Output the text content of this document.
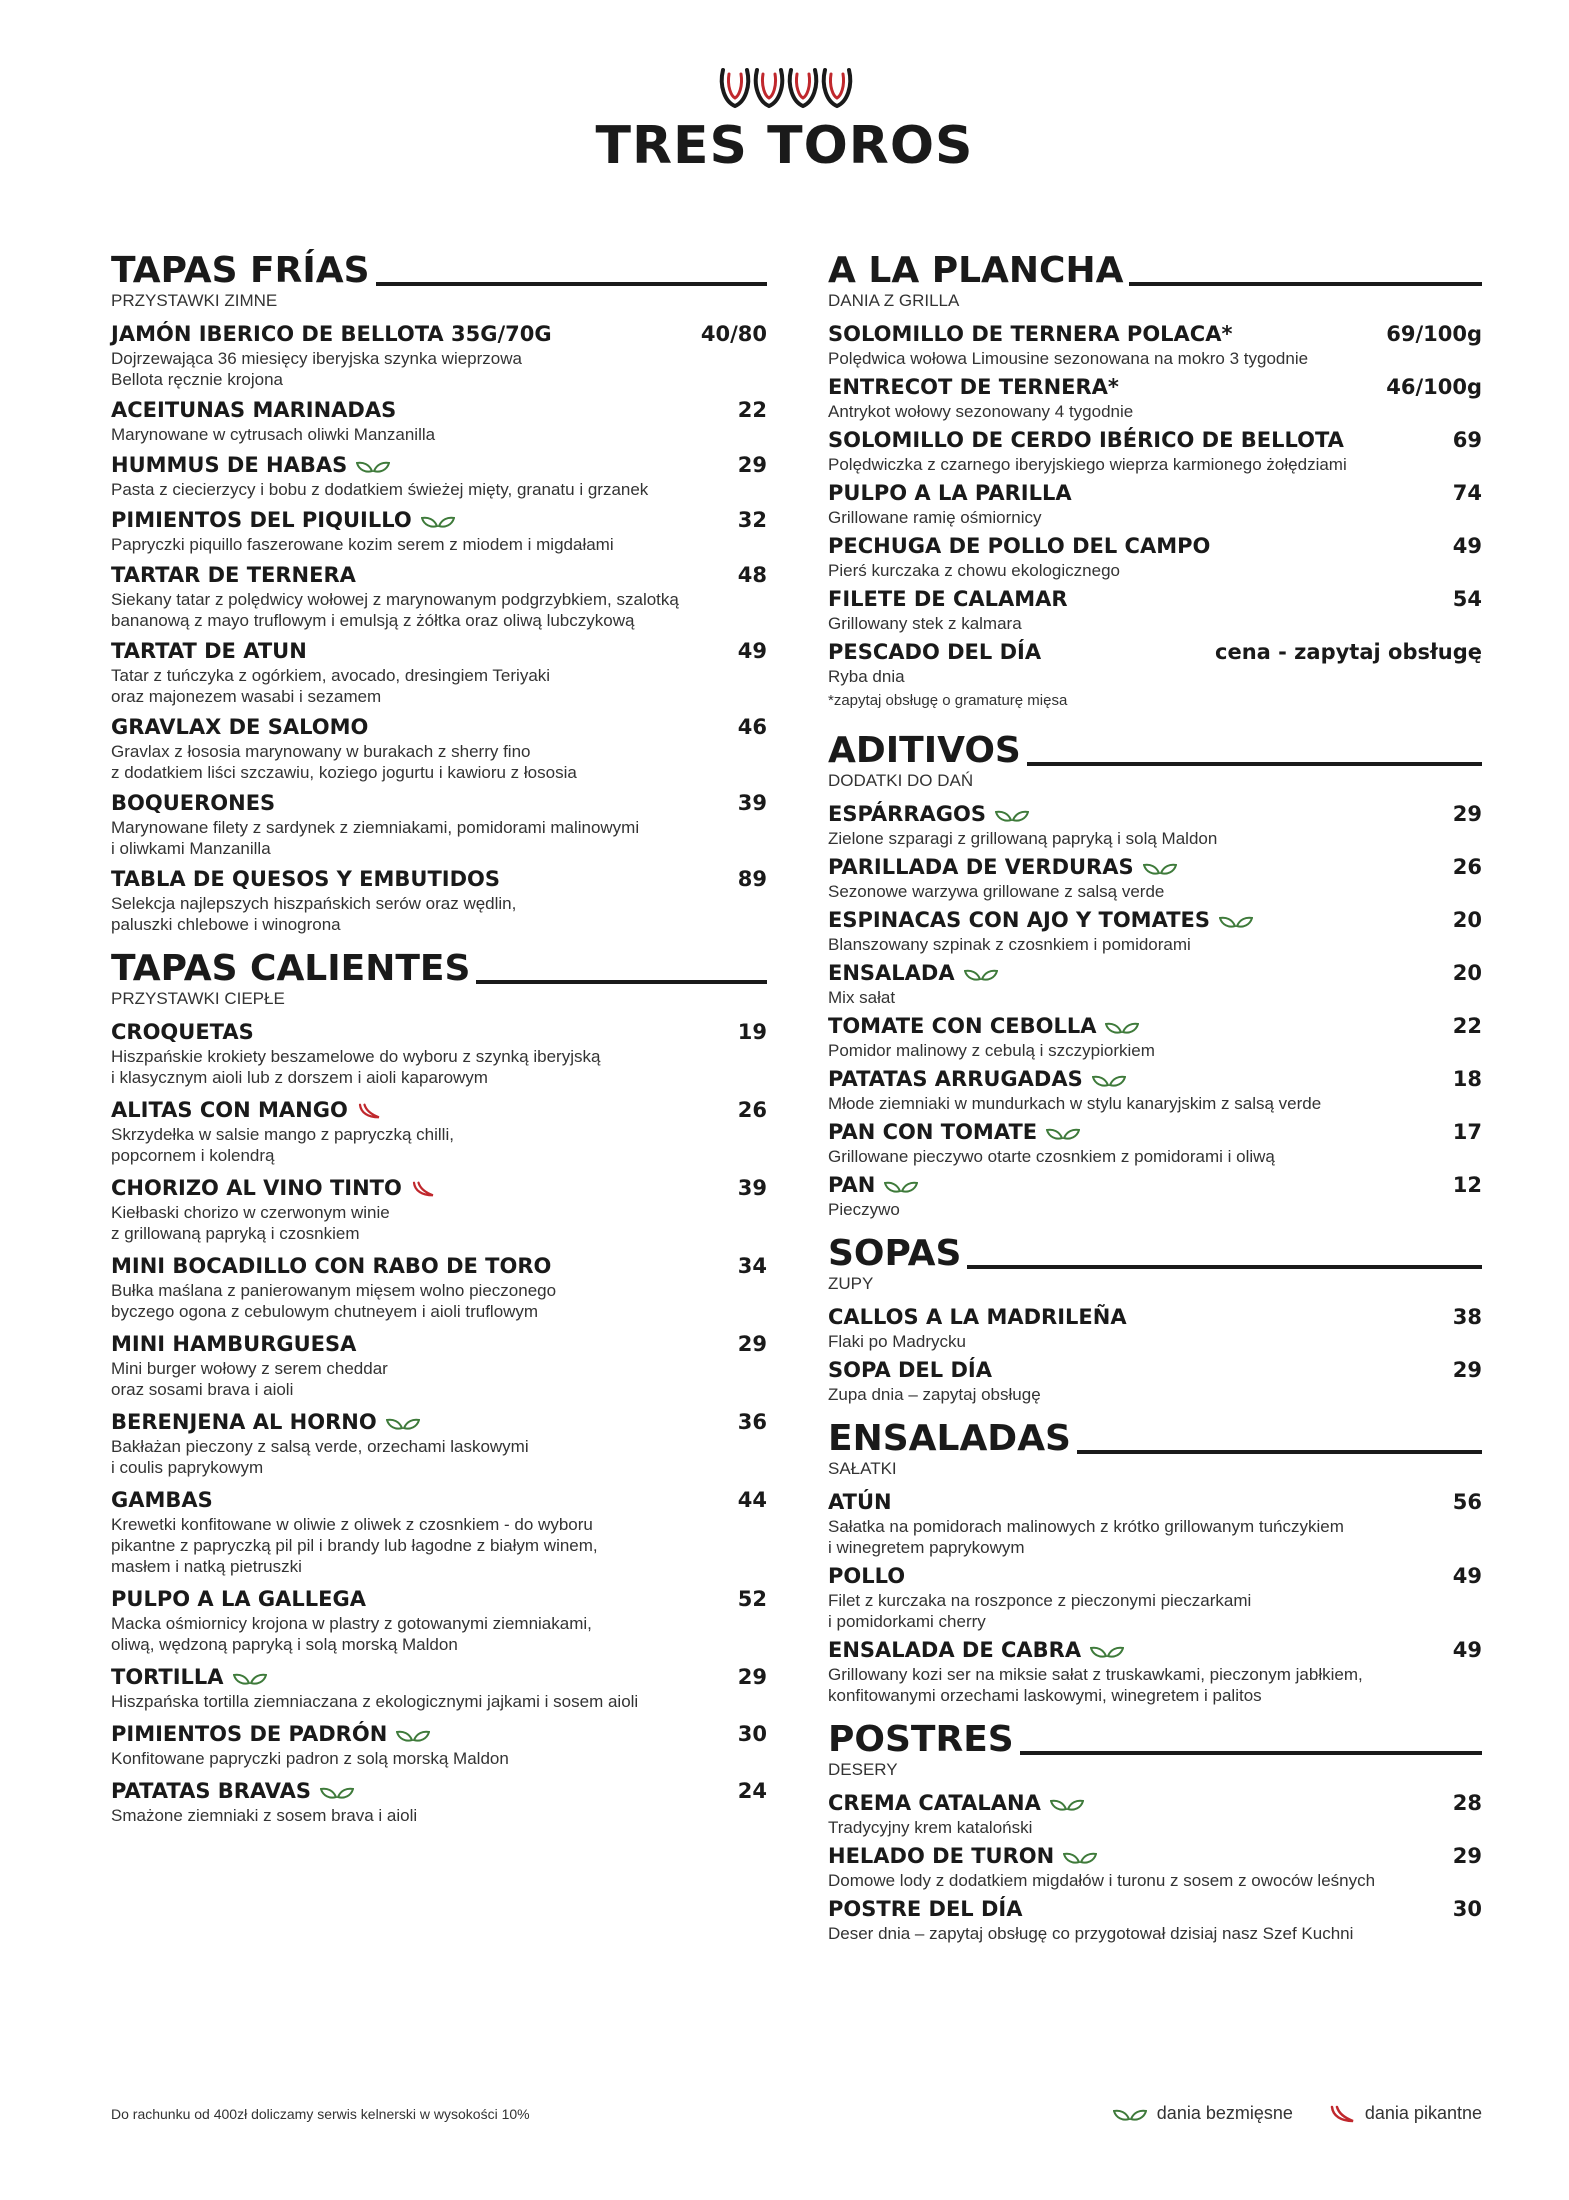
TRES TOROS
TAPAS FRÍAS
PRZYSTAWKI ZIMNE
JAMÓN IBERICO DE BELLOTA 35G/70G	40/80
Dojrzewająca 36 miesięcy iberyjska szynka wieprzowa
Bellota ręcznie krojona
ACEITUNAS MARINADAS	22
Marynowane w cytrusach oliwki Manzanilla
HUMMUS DE HABAS	29
Pasta z ciecierzycy i bobu z dodatkiem świeżej mięty, granatu i grzanek
PIMIENTOS DEL PIQUILLO	32
Papryczki piquillo faszerowane kozim serem z miodem i migdałami
TARTAR DE TERNERA	48
Siekany tatar z polędwicy wołowej z marynowanym podgrzybkiem, szalotką
bananową z mayo truflowym i emulsją z żółtka oraz oliwą lubczykową
TARTAT DE ATUN	49
Tatar z tuńczyka z ogórkiem, avocado, dresingiem Teriyaki
oraz majonezem wasabi i sezamem
GRAVLAX DE SALOMO	46
Gravlax z łososia marynowany w burakach z sherry fino
z dodatkiem liści szczawiu, koziego jogurtu i kawioru z łososia
BOQUERONES	39
Marynowane filety z sardynek z ziemniakami, pomidorami malinowymi
i oliwkami Manzanilla
TABLA DE QUESOS Y EMBUTIDOS	89
Selekcja najlepszych hiszpańskich serów oraz wędlin,
paluszki chlebowe i winogrona
TAPAS CALIENTES
PRZYSTAWKI CIEPŁE
CROQUETAS	19
Hiszpańskie krokiety beszamelowe do wyboru z szynką iberyjską
i klasycznym aioli lub z dorszem i aioli kaparowym
ALITAS CON MANGO	26
Skrzydełka w salsie mango z papryczką chilli,
popcornem i kolendrą
CHORIZO AL VINO TINTO	39
Kiełbaski chorizo w czerwonym winie
z grillowaną papryką i czosnkiem
MINI BOCADILLO CON RABO DE TORO	34
Bułka maślana z panierowanym mięsem wolno pieczonego
byczego ogona z cebulowym chutneyem i aioli truflowym
MINI HAMBURGUESA	29
Mini burger wołowy z serem cheddar
oraz sosami brava i aioli
BERENJENA AL HORNO	36
Bakłażan pieczony z salsą verde, orzechami laskowymi
i coulis paprykowym
GAMBAS	44
Krewetki konfitowane w oliwie z oliwek z czosnkiem - do wyboru
pikantne z papryczką pil pil i brandy lub łagodne z białym winem,
masłem i natką pietruszki
PULPO A LA GALLEGA	52
Macka ośmiornicy krojona w plastry z gotowanymi ziemniakami,
oliwą, wędzoną papryką i solą morską Maldon
TORTILLA	29
Hiszpańska tortilla ziemniaczana z ekologicznymi jajkami i sosem aioli
PIMIENTOS DE PADRÓN	30
Konfitowane papryczki padron z solą morską Maldon
PATATAS BRAVAS	24
Smażone ziemniaki z sosem brava i aioli
A LA PLANCHA
DANIA Z GRILLA
SOLOMILLO DE TERNERA POLACA*	69/100g
Polędwica wołowa Limousine sezonowana na mokro 3 tygodnie
ENTRECOT DE TERNERA*	46/100g
Antrykot wołowy sezonowany 4 tygodnie
SOLOMILLO DE CERDO IBÉRICO DE BELLOTA	69
Polędwiczka z czarnego iberyjskiego wieprza karmionego żołędziami
PULPO A LA PARILLA	74
Grillowane ramię ośmiornicy
PECHUGA DE POLLO DEL CAMPO	49
Pierś kurczaka z chowu ekologicznego
FILETE DE CALAMAR	54
Grillowany stek z kalmara
PESCADO DEL DÍA	cena - zapytaj obsługę
Ryba dnia
*zapytaj obsługę o gramaturę mięsa
ADITIVOS
DODATKI DO DAŃ
ESPÁRRAGOS	29
Zielone szparagi z grillowaną papryką i solą Maldon
PARILLADA DE VERDURAS	26
Sezonowe warzywa grillowane z salsą verde
ESPINACAS CON AJO Y TOMATES	20
Blanszowany szpinak z czosnkiem i pomidorami
ENSALADA	20
Mix sałat
TOMATE CON CEBOLLA	22
Pomidor malinowy z cebulą i szczypiorkiem
PATATAS ARRUGADAS	18
Młode ziemniaki w mundurkach w stylu kanaryjskim z salsą verde
PAN CON TOMATE	17
Grillowane pieczywo otarte czosnkiem z pomidorami i oliwą
PAN	12
Pieczywo
SOPAS
ZUPY
CALLOS A LA MADRILEÑA	38
Flaki po Madrycku
SOPA DEL DÍA	29
Zupa dnia – zapytaj obsługę
ENSALADAS
SAŁATKI
ATÚN	56
Sałatka na pomidorach malinowych z krótko grillowanym tuńczykiem
i winegretem paprykowym
POLLO	49
Filet z kurczaka na roszponce z pieczonymi pieczarkami
i pomidorkami cherry
ENSALADA DE CABRA	49
Grillowany kozi ser na miksie sałat z truskawkami, pieczonym jabłkiem,
konfitowanymi orzechami laskowymi, winegretem i palitos
POSTRES
DESERY
CREMA CATALANA	28
Tradycyjny krem kataloński
HELADO DE TURON	29
Domowe lody z dodatkiem migdałów i turonu z sosem z owoców leśnych
POSTRE DEL DÍA	30
Deser dnia – zapytaj obsługę co przygotował dzisiaj nasz Szef Kuchni
Do rachunku od 400zł doliczamy serwis kelnerski w wysokości 10%	dania bezmięsne	dania pikantne
